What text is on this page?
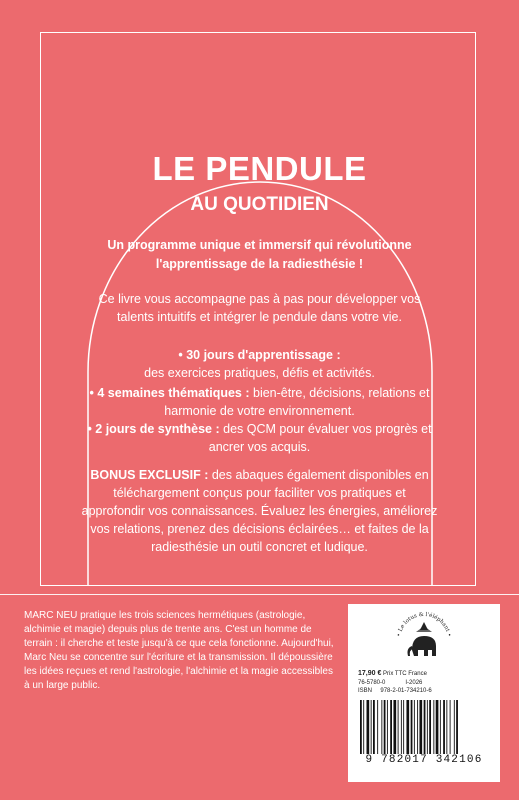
LE PENDULE
AU QUOTIDIEN
Un programme unique et immersif qui révolutionne l'apprentissage de la radiesthésie !
Ce livre vous accompagne pas à pas pour développer vos talents intuitifs et intégrer le pendule dans votre vie.
• 30 jours d'apprentissage :
des exercices pratiques, défis et activités.
• 4 semaines thématiques : bien-être, décisions, relations et harmonie de votre environnement.
• 2 jours de synthèse : des QCM pour évaluer vos progrès et ancrer vos acquis.
BONUS EXCLUSIF : des abaques également disponibles en téléchargement conçus pour faciliter vos pratiques et approfondir vos connaissances. Évaluez les énergies, améliorez vos relations, prenez des décisions éclairées… et faites de la radiesthésie un outil concret et ludique.
MARC NEU pratique les trois sciences hermétiques (astrologie, alchimie et magie) depuis plus de trente ans. C'est un homme de terrain : il cherche et teste jusqu'à ce que cela fonctionne. Aujourd'hui, Marc Neu se concentre sur l'écriture et la transmission. Il dépoussière les idées reçues et rend l'astrologie, l'alchimie et la magie accessibles à un large public.
• Le lotus & l'éléphant •
17,90 € Prix TTC France
76-5780-0	I-2026
ISBN 978-2-01-734210-6
9 782017 342106
